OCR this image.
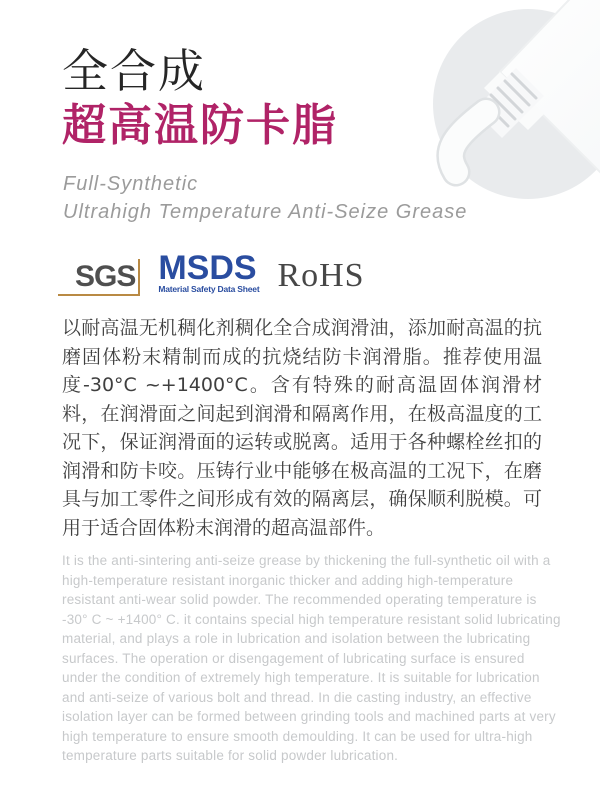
全合成
超高温防卡脂
Full-Synthetic
Ultrahigh Temperature Anti-Seize Grease
SGS MSDS
Material Safety Data Sheet RoHS
以耐高温无机稠化剂稠化全合成润滑油，添加耐高温的抗磨固体粉末精制而成的抗烧结防卡润滑脂。推荐使用温度-30°C ~+1400°C。含有特殊的耐高温固体润滑材料，在润滑面之间起到润滑和隔离作用，在极高温度的工况下，保证润滑面的运转或脱离。适用于各种螺栓丝扣的润滑和防卡咬。压铸行业中能够在极高温的工况下，在磨具与加工零件之间形成有效的隔离层，确保顺利脱模。可用于适合固体粉末润滑的超高温部件。
It is the anti-sintering anti-seize grease by thickening the full-synthetic oil with a high-temperature resistant inorganic thicker and adding high-temperature resistant anti-wear solid powder. The recommended operating temperature is -30° C ~ +1400° C. it contains special high temperature resistant solid lubricating material, and plays a role in lubrication and isolation between the lubricating surfaces. The operation or disengagement of lubricating surface is ensured under the condition of extremely high temperature. It is suitable for lubrication and anti-seize of various bolt and thread. In die casting industry, an effective isolation layer can be formed between grinding tools and machined parts at very high temperature to ensure smooth demoulding. It can be used for ultra-high temperature parts suitable for solid powder lubrication.
